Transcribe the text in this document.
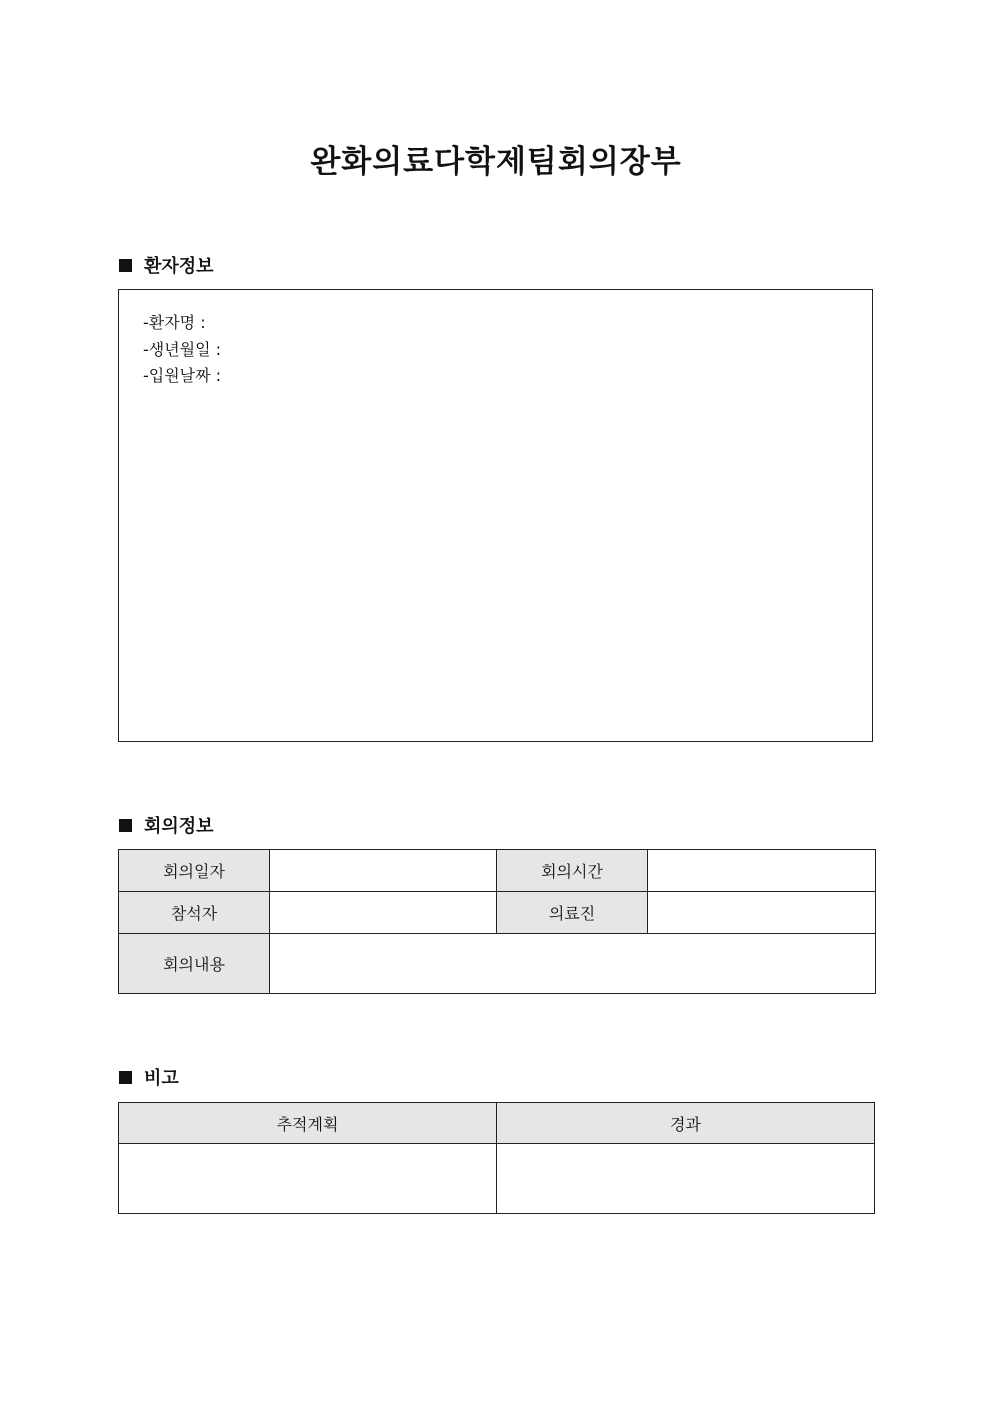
완화의료다학제팀회의장부
환자정보
-환자명 :
-생년월일 :
-입원날짜 :
회의정보
회의일자		회의시간	
참석자		의료진	
회의내용			
비고
추적계획	경과
